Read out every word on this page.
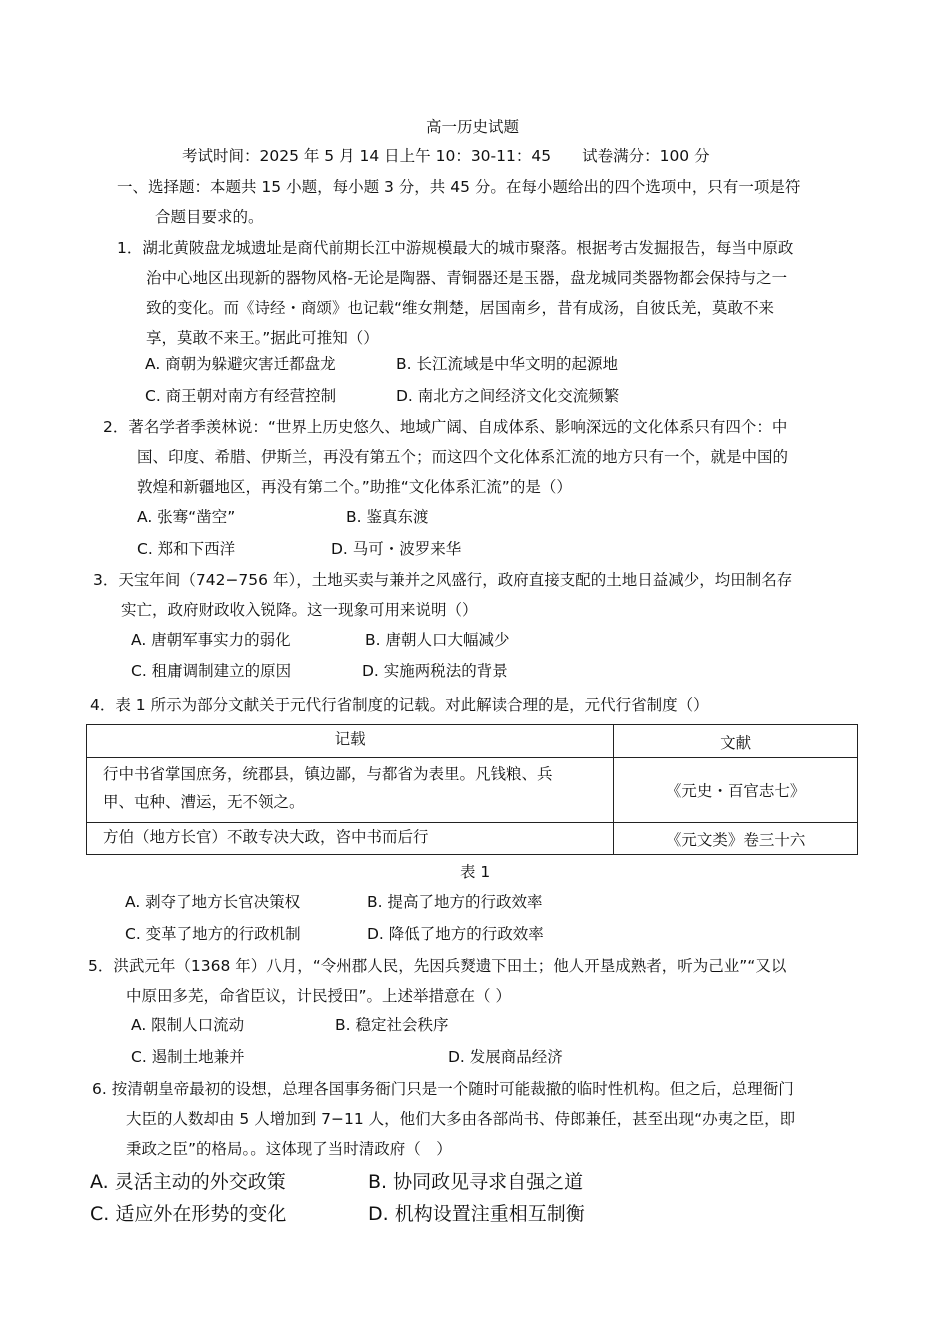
高一历史试题
考试时间：2025 年 5 月 14 日上午 10：30-11：45　　试卷满分：100 分
一、选择题：本题共 15 小题，每小题 3 分，共 45 分。在每小题给出的四个选项中，只有一项是符
合题目要求的。
1．湖北黄陂盘龙城遗址是商代前期长江中游规模最大的城市聚落。根据考古发掘报告，每当中原政
治中心地区出现新的器物风格-无论是陶器、青铜器还是玉器，盘龙城同类器物都会保持与之一
致的变化。而《诗经・商颂》也记载“维女荆楚，居国南乡，昔有成汤，自彼氐羌，莫敢不来
享，莫敢不来王。”据此可推知（）
A. 商朝为躲避灾害迁都盘龙	B. 长江流域是中华文明的起源地
C. 商王朝对南方有经营控制	D. 南北方之间经济文化交流频繁
2．著名学者季羡林说：“世界上历史悠久、地域广阔、自成体系、影响深远的文化体系只有四个：中
国、印度、希腊、伊斯兰，再没有第五个；而这四个文化体系汇流的地方只有一个，就是中国的
敦煌和新疆地区，再没有第二个。”助推“文化体系汇流”的是（）
A. 张骞“凿空”	B. 鉴真东渡
C. 郑和下西洋	D. 马可・波罗来华
3．天宝年间（742−756 年），土地买卖与兼并之风盛行，政府直接支配的土地日益减少，均田制名存
实亡，政府财政收入锐降。这一现象可用来说明（）
A. 唐朝军事实力的弱化	B. 唐朝人口大幅减少
C. 租庸调制建立的原因	D. 实施两税法的背景
4．表 1 所示为部分文献关于元代行省制度的记载。对此解读合理的是，元代行省制度（）
记载	文献

行中书省掌国庶务，统郡县，镇边鄙，与都省为表里。凡钱粮、兵
甲、屯种、漕运，无不领之。	《元史・百官志七》

方伯（地方长官）不敢专决大政，咨中书而后行	《元文类》卷三十六
表 1
A. 剥夺了地方长官决策权	B. 提高了地方的行政效率
C. 变革了地方的行政机制	D. 降低了地方的行政效率
5．洪武元年（1368 年）八月，“令州郡人民，先因兵燹遗下田土；他人开垦成熟者，听为己业”“又以
中原田多芜，命省臣议，计民授田”。上述举措意在（ ）
A. 限制人口流动	B. 稳定社会秩序
C. 遏制土地兼并	D. 发展商品经济
6. 按清朝皇帝最初的设想，总理各国事务衙门只是一个随时可能裁撤的临时性机构。但之后，总理衙门
大臣的人数却由 5 人增加到 7−11 人，他们大多由各部尚书、侍郎兼任，甚至出现“办夷之臣，即
秉政之臣”的格局。。这体现了当时清政府（　）
A. 灵活主动的外交政策	B. 协同政见寻求自强之道
C. 适应外在形势的变化	D. 机构设置注重相互制衡
